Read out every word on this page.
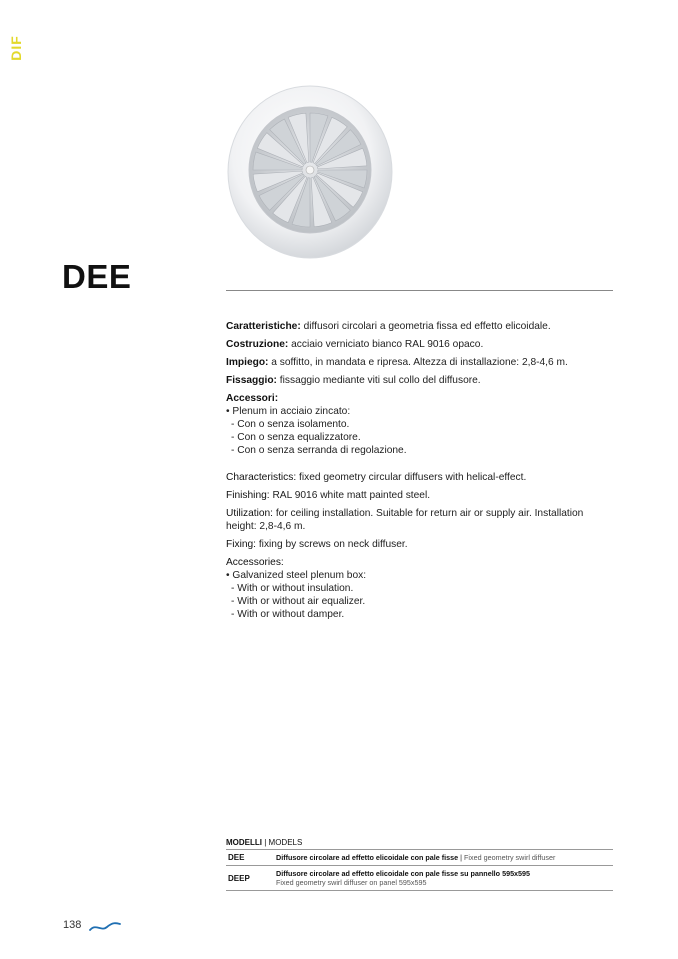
DIF
DEE

Caratteristiche: diffusori circolari a geometria fissa ed effetto elicoidale.

Costruzione: acciaio verniciato bianco RAL 9016 opaco.

Impiego: a soffitto, in mandata e ripresa. Altezza di installazione: 2,8-4,6 m.

Fissaggio: fissaggio mediante viti sul collo del diffusore.

Accessori:
• Plenum in acciaio zincato:
- Con o senza isolamento.
- Con o senza equalizzatore.
- Con o senza serranda di regolazione.

Characteristics: fixed geometry circular diffusers with helical-effect.

Finishing: RAL 9016 white matt painted steel.

Utilization: for ceiling installation. Suitable for return air or supply air. Installation height: 2,8-4,6 m.

Fixing: fixing by screws on neck diffuser.

Accessories:
• Galvanized steel plenum box:
- With or without insulation.
- With or without air equalizer.
- With or without damper.
MODELLI | MODELS
DEE	Diffusore circolare ad effetto elicoidale con pale fisse | Fixed geometry swirl diffuser
DEEP	Diffusore circolare ad effetto elicoidale con pale fisse su pannello 595x595
Fixed geometry swirl diffuser on panel 595x595
138
